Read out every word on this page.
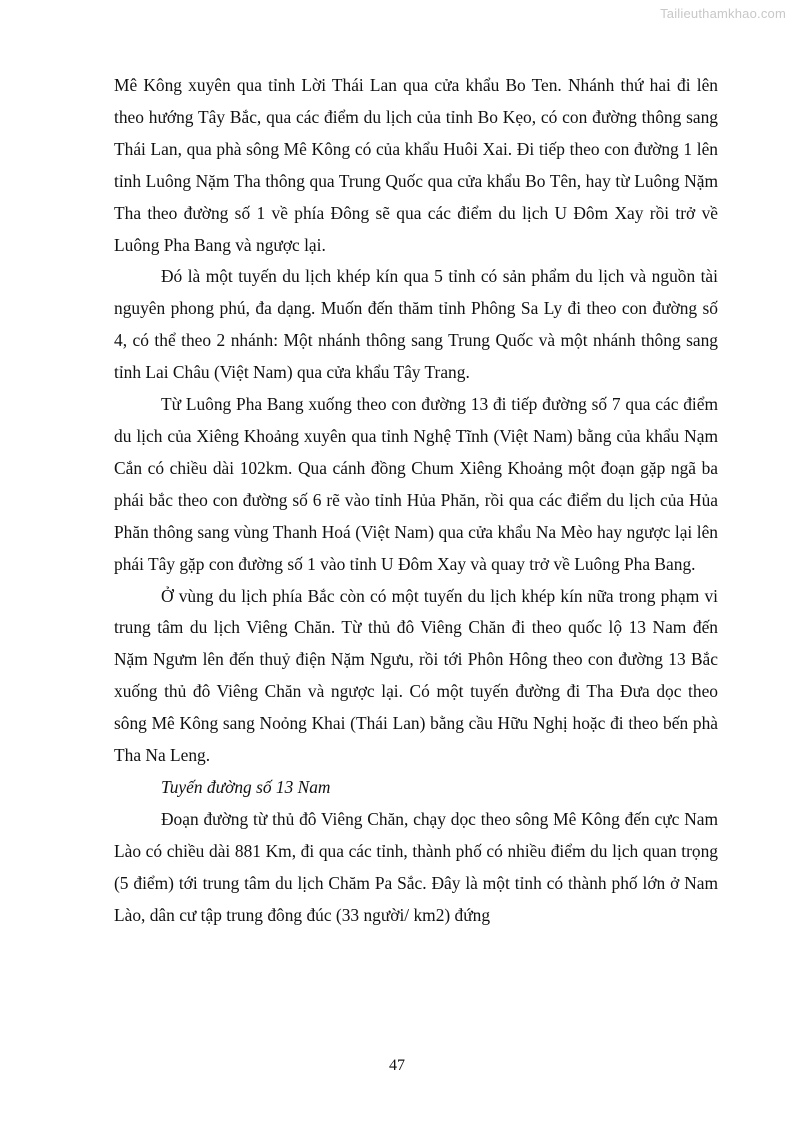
Tailieuthamkhao.com

Mê Kông xuyên qua tỉnh Lời Thái Lan qua cửa khẩu Bo Ten. Nhánh thứ hai đi lên theo hướng Tây Bắc, qua các điểm du lịch của tỉnh Bo Kẹo, có con đường thông sang Thái Lan, qua phà sông Mê Kông có của khẩu Huôi Xai. Đi tiếp theo con đường 1 lên tỉnh Luông Nặm Tha thông qua Trung Quốc qua cửa khẩu Bo Tên, hay từ Luông Nặm Tha theo đường số 1 về phía Đông sẽ qua các điểm du lịch U Đôm Xay rồi trở về Luông Pha Bang và ngược lại.

Đó là một tuyến du lịch khép kín qua 5 tỉnh có sản phẩm du lịch và nguồn tài nguyên phong phú, đa dạng. Muốn đến thăm tỉnh Phông Sa Ly đi theo con đường số 4, có thể theo 2 nhánh: Một nhánh thông sang Trung Quốc và một nhánh thông sang tỉnh Lai Châu (Việt Nam) qua cửa khẩu Tây Trang.

Từ Luông Pha Bang xuống theo con đường 13 đi tiếp đường số 7 qua các điểm du lịch của Xiêng Khoảng xuyên qua tỉnh Nghệ Tĩnh (Việt Nam) bằng của khẩu Nạm Cắn có chiều dài 102km. Qua cánh đồng Chum Xiêng Khoảng một đoạn gặp ngã ba phái bắc theo con đường số 6 rẽ vào tỉnh Hủa Phăn, rồi qua các điểm du lịch của Hủa Phăn thông sang vùng Thanh Hoá (Việt Nam) qua cửa khẩu Na Mèo hay ngược lại lên phái Tây gặp con đường số 1 vào tỉnh U Đôm Xay và quay trở về Luông Pha Bang.

Ở vùng du lịch phía Bắc còn có một tuyến du lịch khép kín nữa trong phạm vi trung tâm du lịch Viêng Chăn. Từ thủ đô Viêng Chăn đi theo quốc lộ 13 Nam đến Nặm Ngưm lên đến thuỷ điện Nặm Ngưu, rồi tới Phôn Hông theo con đường 13 Bắc xuống thủ đô Viêng Chăn và ngược lại. Có một tuyến đường đi Tha Đưa dọc theo sông Mê Kông sang Noỏng Khai (Thái Lan) bằng cầu Hữu Nghị hoặc đi theo bến phà Tha Na Leng.

Tuyến đường số 13 Nam

Đoạn đường từ thủ đô Viêng Chăn, chạy dọc theo sông Mê Kông đến cực Nam Lào có chiều dài 881 Km, đi qua các tỉnh, thành phố có nhiều điểm du lịch quan trọng (5 điểm) tới trung tâm du lịch Chăm Pa Sắc. Đây là một tỉnh có thành phố lớn ở Nam Lào, dân cư tập trung đông đúc (33 người/ km2) đứng

47
